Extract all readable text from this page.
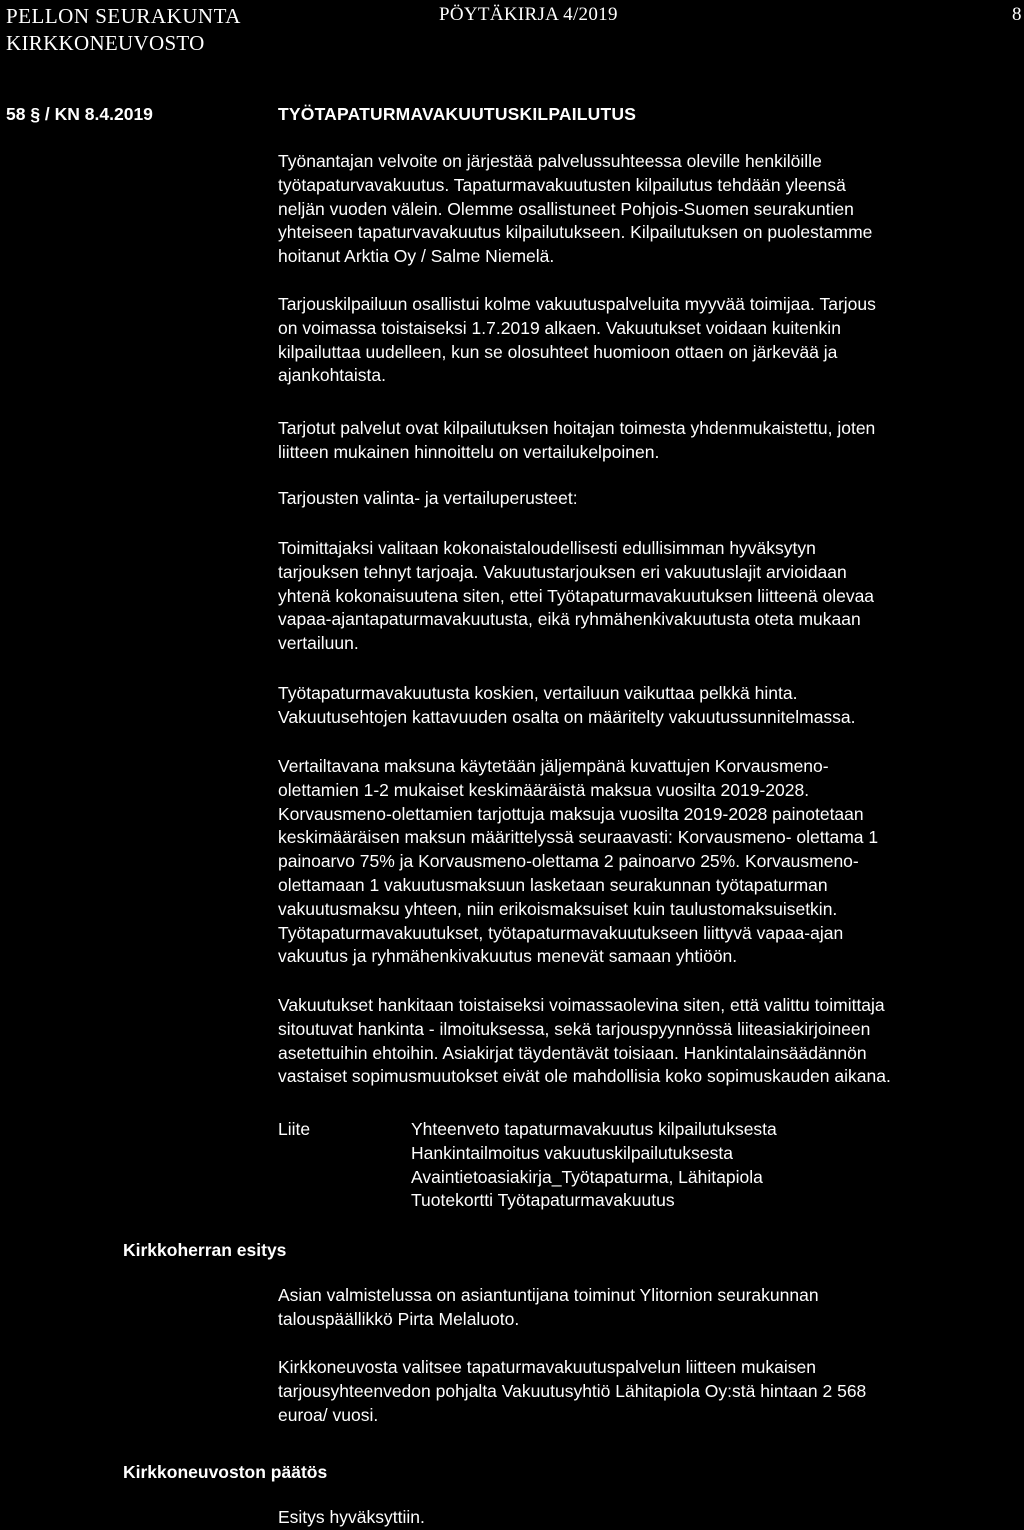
PELLON SEURAKUNTA
KIRKKONEUVOSTO
PÖYTÄKIRJA 4/2019	8
58 § / KN 8.4.2019	TYÖTAPATURMAVAKUUTUSKILPAILUTUS
Työnantajan velvoite on järjestää palvelussuhteessa oleville henkilöille
työtapaturvavakuutus. Tapaturmavakuutusten kilpailutus tehdään yleensä
neljän vuoden välein. Olemme osallistuneet Pohjois-Suomen seurakuntien
yhteiseen tapaturvavakuutus kilpailutukseen. Kilpailutuksen on puolestamme
hoitanut Arktia Oy / Salme Niemelä.
Tarjouskilpailuun osallistui kolme vakuutuspalveluita myyvää toimijaa. Tarjous
on voimassa toistaiseksi 1.7.2019 alkaen. Vakuutukset voidaan kuitenkin
kilpailuttaa uudelleen, kun se olosuhteet huomioon ottaen on järkevää ja
ajankohtaista.
Tarjotut palvelut ovat kilpailutuksen hoitajan toimesta yhdenmukaistettu, joten
liitteen mukainen hinnoittelu on vertailukelpoinen.
Tarjousten valinta- ja vertailuperusteet:
Toimittajaksi valitaan kokonaistaloudellisesti edullisimman hyväksytyn
tarjouksen tehnyt tarjoaja. Vakuutustarjouksen eri vakuutuslajit arvioidaan
yhtenä kokonaisuutena siten, ettei Työtapaturmavakuutuksen liitteenä olevaa
vapaa-ajantapaturmavakuutusta, eikä ryhmähenkivakuutusta oteta mukaan
vertailuun.
Työtapaturmavakuutusta koskien, vertailuun vaikuttaa pelkkä hinta.
Vakuutusehtojen kattavuuden osalta on määritelty vakuutussunnitelmassa.
Vertailtavana maksuna käytetään jäljempänä kuvattujen Korvausmeno-
olettamien 1-2 mukaiset keskimääräistä maksua vuosilta 2019-2028.
Korvausmeno-olettamien tarjottuja maksuja vuosilta 2019-2028 painotetaan
keskimääräisen maksun määrittelyssä seuraavasti: Korvausmeno- olettama 1
painoarvo 75% ja Korvausmeno-olettama 2 painoarvo 25%. Korvausmeno-
olettamaan 1 vakuutusmaksuun lasketaan seurakunnan työtapaturman
vakuutusmaksu yhteen, niin erikoismaksuiset kuin taulustomaksuisetkin.
Työtapaturmavakuutukset, työtapaturmavakuutukseen liittyvä vapaa-ajan
vakuutus ja ryhmähenkivakuutus menevät samaan yhtiöön.
Vakuutukset hankitaan toistaiseksi voimassaolevina siten, että valittu toimittaja
sitoutuvat hankinta - ilmoituksessa, sekä tarjouspyynnössä liiteasiakirjoineen
asetettuihin ehtoihin. Asiakirjat täydentävät toisiaan. Hankintalainsäädännön
vastaiset sopimusmuutokset eivät ole mahdollisia koko sopimuskauden aikana.
Liite	Yhteenveto tapaturmavakuutus kilpailutuksesta
Hankintailmoitus vakuutuskilpailutuksesta
Avaintietoasiakirja_Työtapaturma, Lähitapiola
Tuotekortti Työtapaturmavakuutus
Kirkkoherran esitys
Asian valmistelussa on asiantuntijana toiminut Ylitornion seurakunnan
talouspäällikkö Pirta Melaluoto.
Kirkkoneuvosta valitsee tapaturmavakuutuspalvelun liitteen mukaisen
tarjousyhteenvedon pohjalta Vakuutusyhtiö Lähitapiola Oy:stä hintaan 2 568
euroa/ vuosi.
Kirkkoneuvoston päätös
Esitys hyväksyttiin.
